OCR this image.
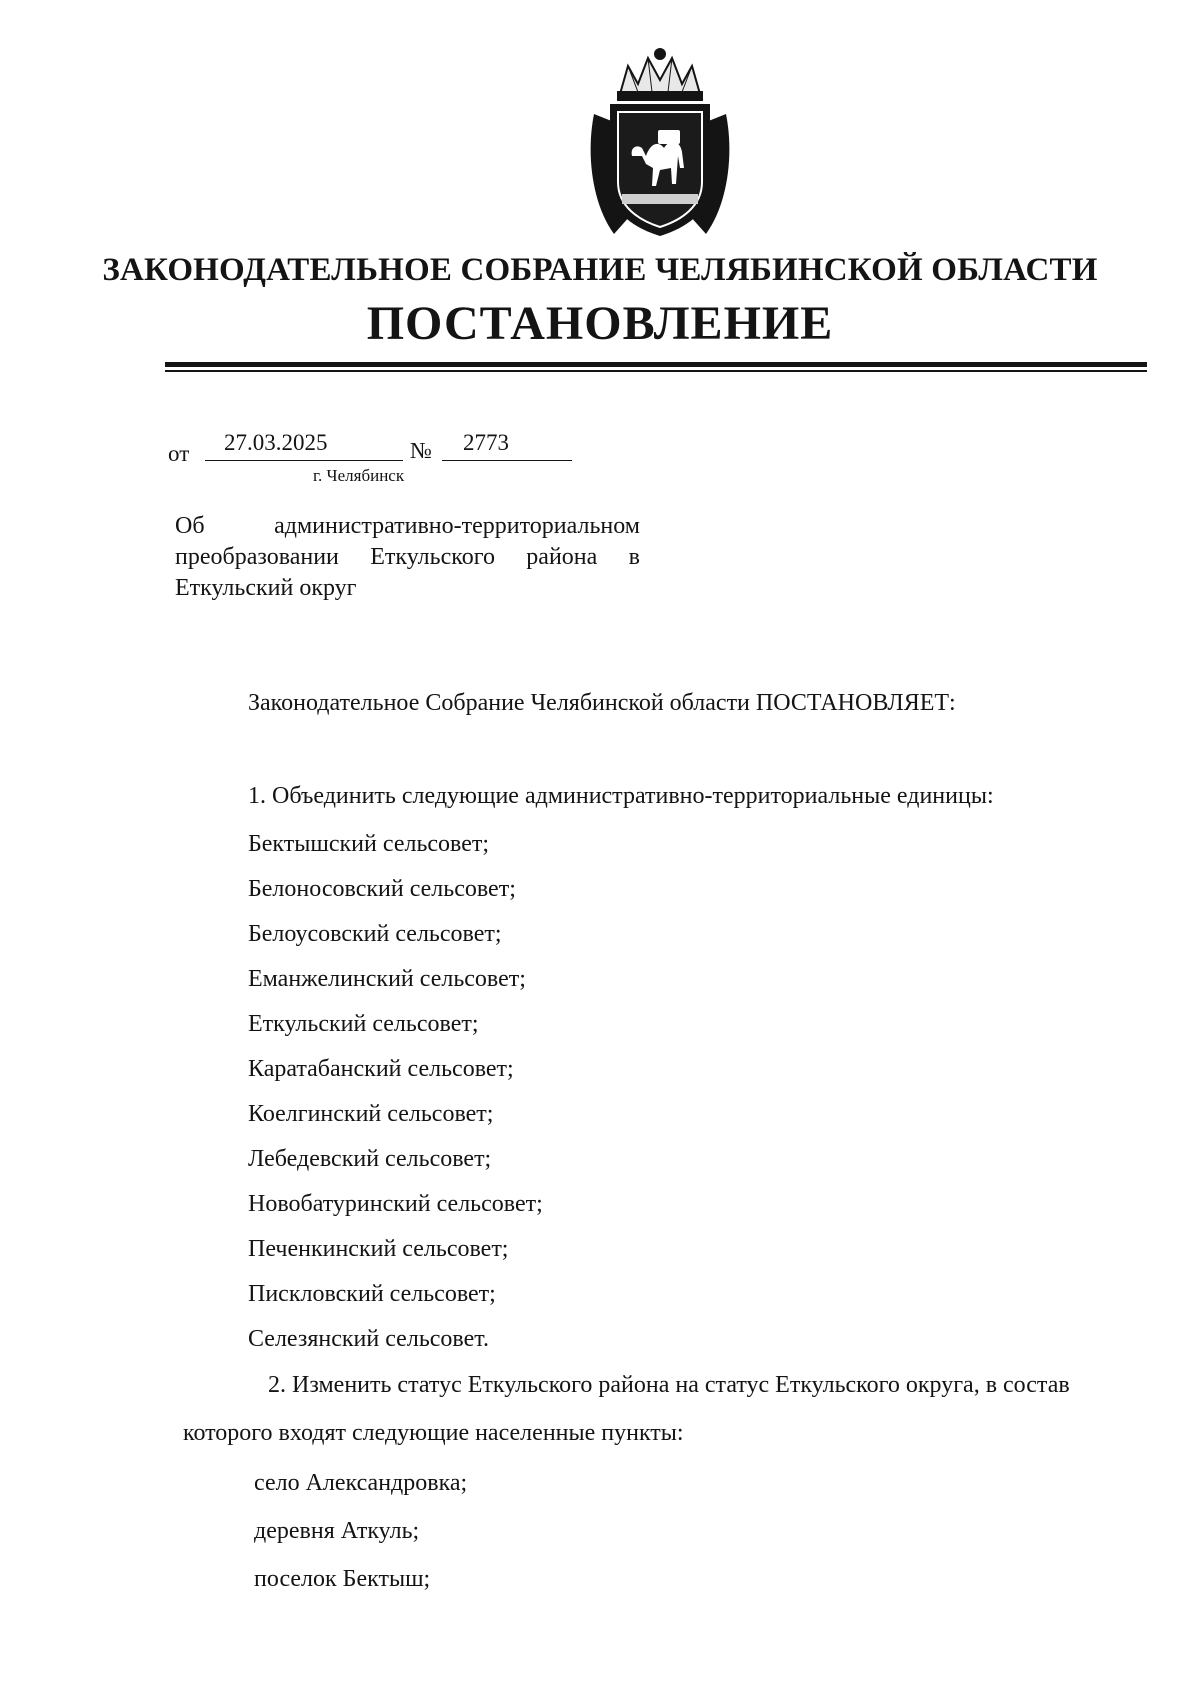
ЗАКОНОДАТЕЛЬНОЕ СОБРАНИЕ ЧЕЛЯБИНСКОЙ ОБЛАСТИ
ПОСТАНОВЛЕНИЕ
от 27.03.2025	№ 2773
г. Челябинск
Об административно-территориальном преобразовании Еткульского района в Еткульский округ
Законодательное Собрание Челябинской области ПОСТАНОВЛЯЕТ:
1. Объединить следующие административно-территориальные единицы:
Бектышский сельсовет;
Белоносовский сельсовет;
Белоусовский сельсовет;
Еманжелинский сельсовет;
Еткульский сельсовет;
Каратабанский сельсовет;
Коелгинский сельсовет;
Лебедевский сельсовет;
Новобатуринский сельсовет;
Печенкинский сельсовет;
Пискловский сельсовет;
Селезянский сельсовет.
2. Изменить статус Еткульского района на статус Еткульского округа, в состав
которого входят следующие населенные пункты:
село Александровка;
деревня Аткуль;
поселок Бектыш;
